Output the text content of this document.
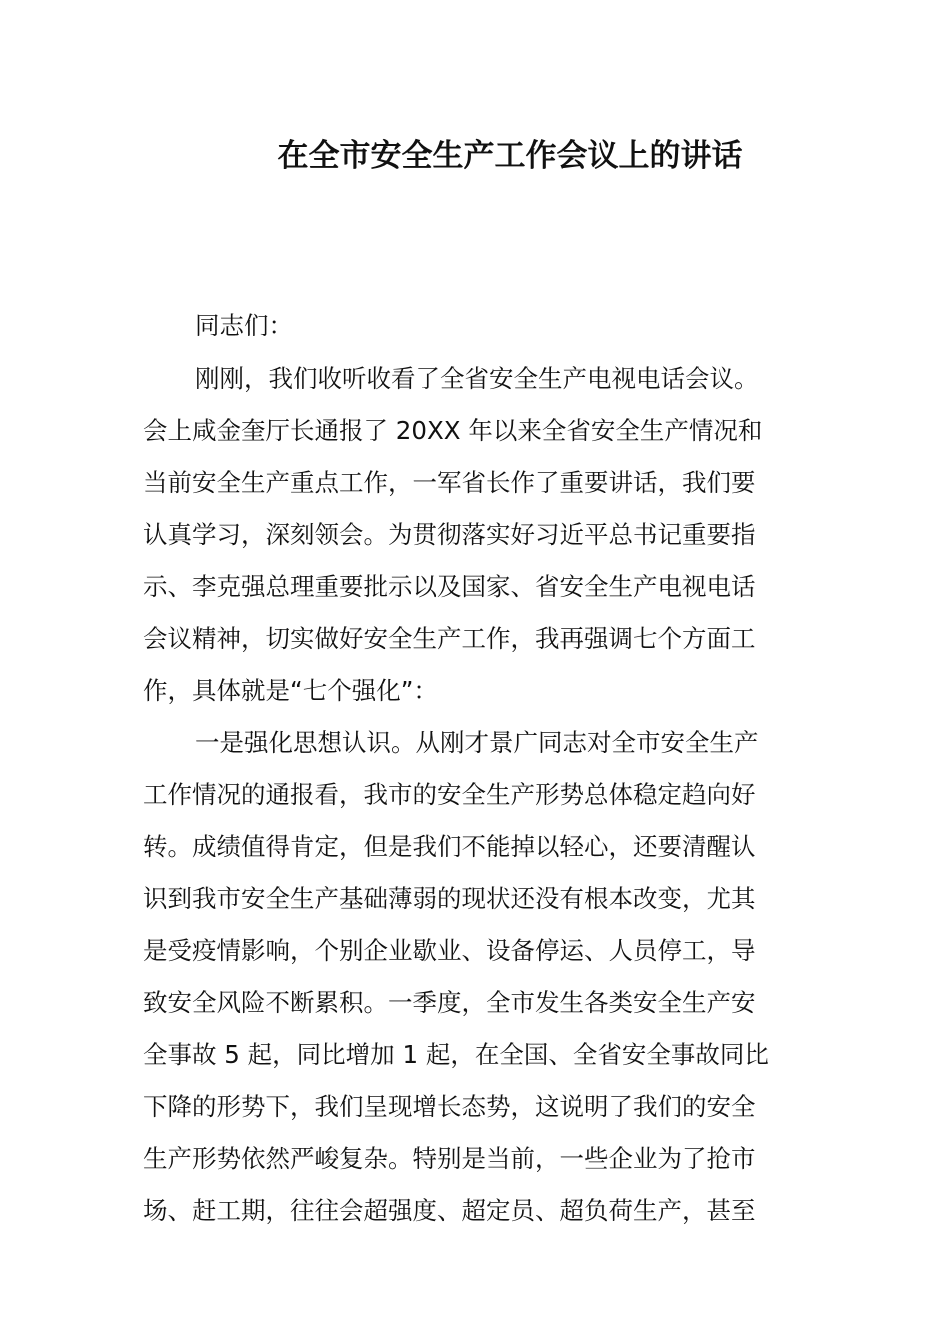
在全市安全生产工作会议上的讲话
同志们：
刚刚，我们收听收看了全省安全生产电视电话会议。
会上咸金奎厅长通报了 20XX 年以来全省安全生产情况和
当前安全生产重点工作，一军省长作了重要讲话，我们要
认真学习，深刻领会。为贯彻落实好习近平总书记重要指
示、李克强总理重要批示以及国家、省安全生产电视电话
会议精神，切实做好安全生产工作，我再强调七个方面工
作，具体就是“七个强化”：
一是强化思想认识。从刚才景广同志对全市安全生产
工作情况的通报看，我市的安全生产形势总体稳定趋向好
转。成绩值得肯定，但是我们不能掉以轻心，还要清醒认
识到我市安全生产基础薄弱的现状还没有根本改变，尤其
是受疫情影响，个别企业歇业、设备停运、人员停工，导
致安全风险不断累积。一季度，全市发生各类安全生产安
全事故 5 起，同比增加 1 起，在全国、全省安全事故同比
下降的形势下，我们呈现增长态势，这说明了我们的安全
生产形势依然严峻复杂。特别是当前，一些企业为了抢市
场、赶工期，往往会超强度、超定员、超负荷生产，甚至
